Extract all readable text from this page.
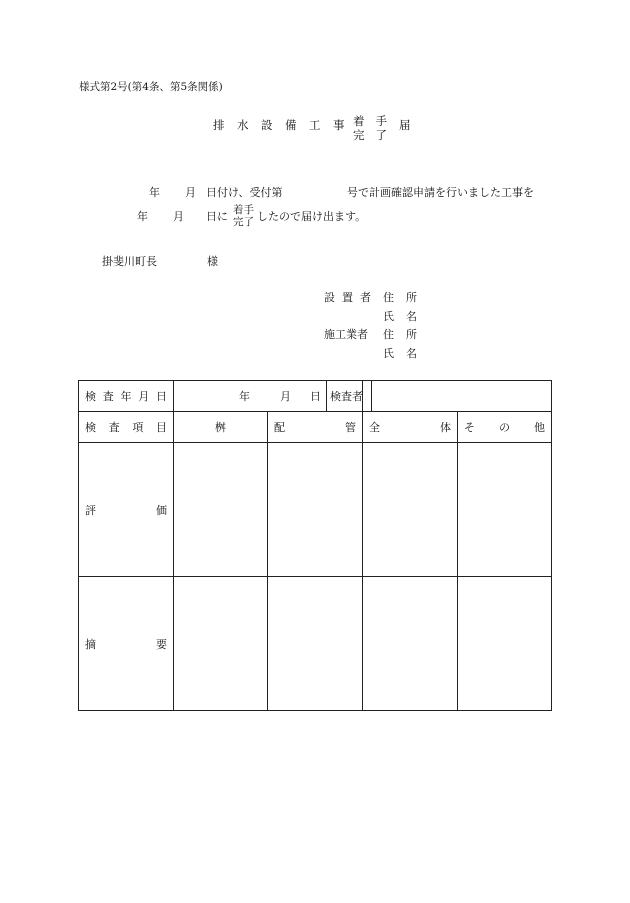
様式第2号(第4条、第5条関係)
排 水 設 備 工 事 着 手
完 了
届
年 月 日付け、受付第	号で計画確認申請を行いました工事を
年 月 日に 着手
完了 したので届け出ます。
掛斐川町長	様
設 置 者 住 所
氏 名
施 工 業 者 住 所
氏 名
検 査 年 月 日	年 月 日 検査者			

検 査 項 目	桝	配 管	全 体	そ の 他

評 価				

摘 要				
